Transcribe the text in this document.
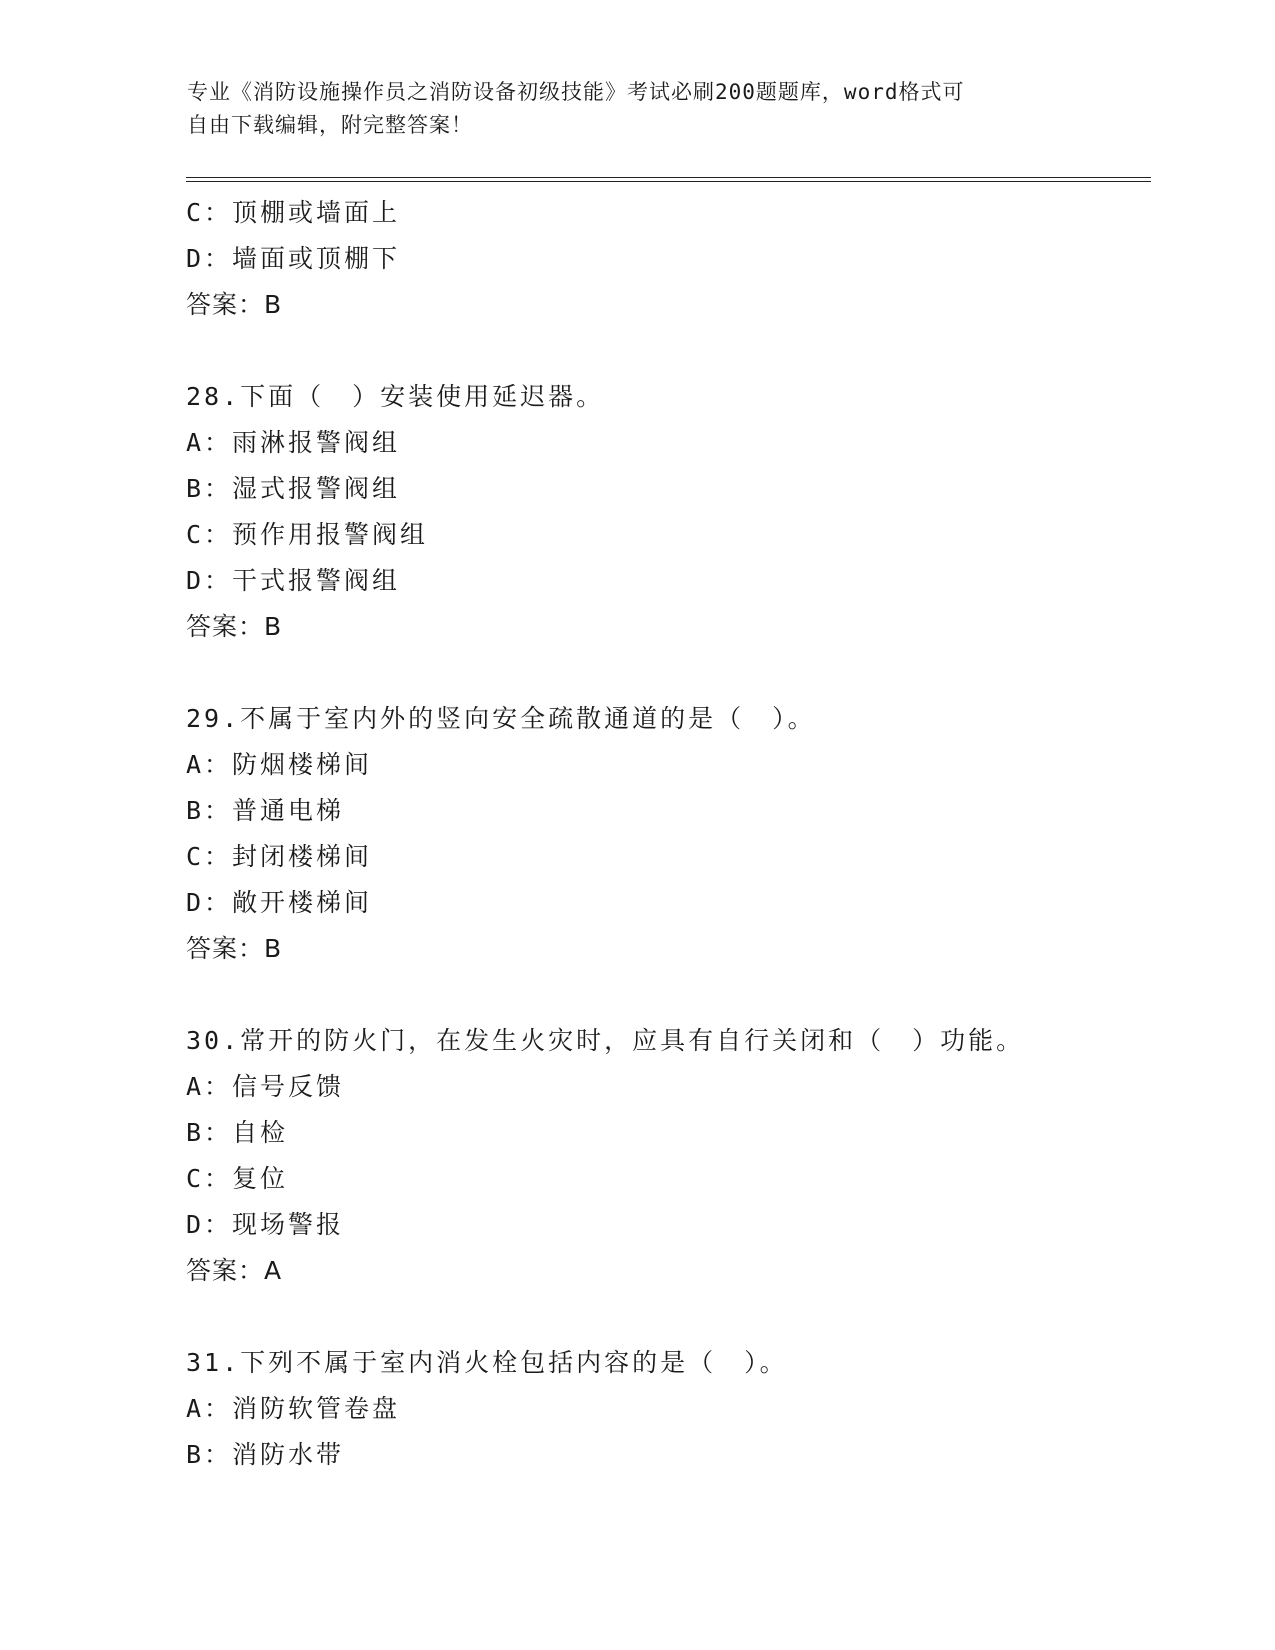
专业《消防设施操作员之消防设备初级技能》考试必刷200题题库，word格式可
自由下载编辑，附完整答案！
C：顶棚或墙面上
D：墙面或顶棚下
答案：B
28.下面（　）安装使用延迟器。
A：雨淋报警阀组
B：湿式报警阀组
C：预作用报警阀组
D：干式报警阀组
答案：B
29.不属于室内外的竖向安全疏散通道的是（　）。
A：防烟楼梯间
B：普通电梯
C：封闭楼梯间
D：敞开楼梯间
答案：B
30.常开的防火门，在发生火灾时，应具有自行关闭和（　）功能。
A：信号反馈
B：自检
C：复位
D：现场警报
答案：A
31.下列不属于室内消火栓包括内容的是（　）。
A：消防软管卷盘
B：消防水带
